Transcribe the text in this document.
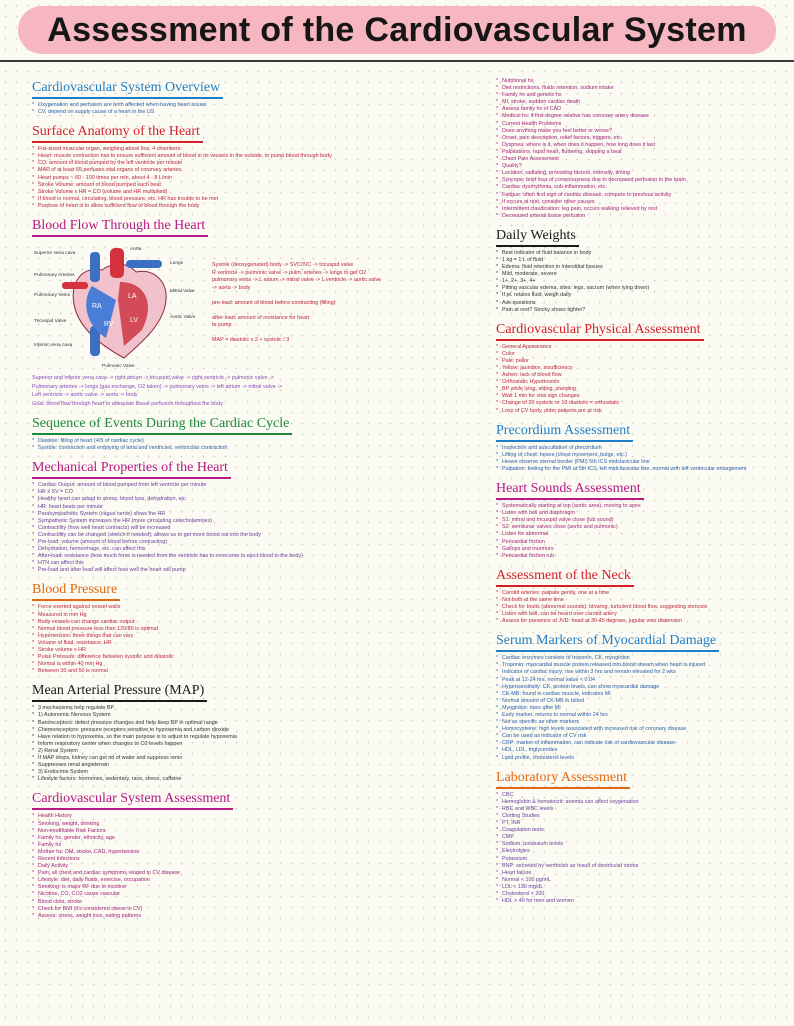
Assessment of the Cardiovascular System
Cardiovascular System Overview
* Oxygenation and perfusion are both affected when having heart issues
* CV, depend on supply cause of a heart in the US
Surface Anatomy of the Heart
* Fist-sized muscular organ, weighing about 9oz, 4 chambers
* Heart: muscle contraction has to ensure sufficient amount of blood in its vessels in the outside, to pump blood through body
* CO: amount of blood pumped by the left ventricle per minute
* MAP of at least 65 perfuses vital organs of coronary arteries
* Heart pumps ~ 60 - 100 times per min, about 4 - 8 L/min
* Stroke Volume: amount of blood pumped each beat
* Stroke Volume x HR = CO (volume and HR multiplied)
* If blood is normal, circulating, blood pressure, etc. HR has trouble to be met
* Purpose of heart is to allow sufficient flow of blood through the body
Blood Flow Through the Heart
RA
RV
LA
LV
Superior vena cava
Aorta
Lungs
Pulmonary Arteries
Pulmonary Veins
Mitral Valve
Tricuspid Valve
Aortic Valve
Inferior vena cava
Pulmonic Valve
Systole (deoxygenated) body -> SVC/IVC -> tricuspid valve
R ventricle -> pulmonic valve -> pulm. arteries -> lungs to get O2
pulmonary veins -> L atrium -> mitral valve -> L ventricle -> aortic valve
-> aorta -> body

pre-load: amount of blood before contracting (filling)

after-load: amount of resistance for heart
to pump

MAP = diastolic x 2 + systolic / 3
Superior and inferior vena cava -> right atrium -> tricuspid valve -> right ventricle -> pulmonic valve ->
Pulmonary arteries -> lungs (gas exchange, O2 taken) -> pulmonary veins -> left atrium -> mitral valve ->
Left ventricle -> aortic valve -> aorta -> body
Goal: blood flow through heart to adequate tissue perfusion throughout the body
Sequence of Events During the Cardiac Cycle
* Diastole: filling of heart (4/5 of cardiac cycle)
* Systole: contraction and emptying of atria and ventricles, ventricular contraction
Mechanical Properties of the Heart
* Cardiac Output: amount of blood pumped from left ventricle per minute
* HR x SV = CO
* Healthy heart can adapt to stress, blood loss, dehydration, etc.
* HR: heart beats per minute
* Parasympathetic System (vagus nerve) slows the HR
* Sympathetic System increases the HR (more circulating catecholamines)
* Contractility (how well heart contracts) will be increased
* Contractility can be changed (stretch if needed); allows us to get more blood out into the body
* Pre-load: volume (amount of blood before contracting)
* Dehydration, hemorrhage, etc. can affect this
* After-load: resistance (how much force is needed from the ventricle has to overcome to eject blood to the body)
* HTN can affect this
* Pre-load and after-load will affect how well the heart will pump
Blood Pressure
* Force exerted against vessel walls
* Measured in mm Hg
* Body vessels can change cardiac output
* Normal blood pressure less than 120/80 is optimal
* Hypertension: three things that can vary
* Volume of fluid, resistance, HR
* Stroke volume x HR
* Pulse Pressure: difference between systolic and diastolic
* Normal is within 40 mm Hg
* Between 30 and 50 is normal
Mean Arterial Pressure (MAP)
* 3 mechanisms help regulate BP
* 1) Autonomic Nervous System
* Baroreceptors: detect pressure changes and help keep BP in optimal range
* Chemoreceptors: pressure receptors sensitive to hypoxemia and carbon dioxide
* Have relation to hypoxemia, so the main purpose is to adjust to regulate hypoxemia
* Inform respiratory center when changes to O2 levels happen
* 2) Renal System
* If MAP drops, kidney can get rid of water and suppress renin
* Suppresses renal angiotensin
* 3) Endocrine System
* Lifestyle factors: hormones, sedentary, race, stress, caffeine
Cardiovascular System Assessment
* Health History
* Smoking, weight, drinking
* Non-modifiable Risk Factors
* Family hx, gender, ethnicity, age
* Family hx
* Mother hx: DM, stroke, CAD, hypertension
* Recent Infections
* Daily Activity
* Pain: all chest and cardiac symptoms related to CV disease
* Lifestyle: diet, daily fluids, exercise, occupation
* Smoking: is major RF due to nicotine
* Nicotine, CO, CO2 cause vascular
* Blood clots, stroke
* Check for BMI (it's considered obese in CV)
* Assess: stress, weight loss, eating patterns
* Nutritional hx
* Diet restrictions, fluids retention, sodium intake
* Family hx and genetic hx
* MI, stroke, sudden cardiac death
* Assess family hx of CAD
* Medical hx: if first degree relative has coronary artery disease
* Current Health Problems
* Does anything make you feel better or worse?
* Onset, pain description, relief factors, triggers, etc.
* Dyspnea: where is it, when does it happen, how long does it last
* Palpitations: rapid heart, fluttering, skipping a beat
* Chest Pain Assessment
* Quality?
* Location, radiating, provoking factors, intensity, timing
* Syncope: brief loss of consciousness due to decreased perfusion to the brain
* Cardiac dysrhythmia, sub-inflammation, etc.
* Fatigue: often first sign of cardiac disease, compare to previous activity
* If occurs at rest, consider other causes
* Intermittent claudication: leg pain, occurs walking relieved by rest
* Decreased arterial tissue perfusion
Daily Weights
* Best indicator of fluid balance in body
* 1 kg = 1 L of fluid
* Edema: fluid retention in interstitial tissues
* Mild, moderate, severe
* 1+, 2+, 3+, 4+
* Pitting vascular edema, sites: legs, sacrum (when lying down)
* If pt. retains fluid, weigh daily
* Ask questions
* Pain at rest? Stocky shoes tighter?
Cardiovascular Physical Assessment
* General Appearance
* Color
* Pale: pallor
* Yellow: jaundice, insufficiency
* Ashen: lack of blood flow
* Orthostatic Hypotension
* BP while lying, sitting, standing
* Wait 1 min for vital sign changes
* Change of 20 systolic or 10 diastolic = orthostatic
* Loss of CV body, older patients are at risk
Precordium Assessment
* Inspection and auscultation of precordium
* Lifting of chest: heave (chest movement, bulge, etc.)
* Heave observe sternal border (PMI) 5th ICS midclavicular line
* Palpation: feeling for the PMI at 5th ICS, left midclavicular line, normal with left ventricular enlargement
Heart Sounds Assessment
* Systematically starting at top (aortic area), moving to apex
* Listen with bell and diaphragm
* S1: mitral and tricuspid valve close (lub sound)
* S2: semilunar valves close (aortic and pulmonic)
* Listen for abnormal
* Pericardial friction
* Gallops and murmurs
* Pericardial friction rub
Assessment of the Neck
* Carotid arteries: palpate gently, one at a time
* Not both at the same time
* Check for bruits (abnormal sounds): blowing, turbulent blood flow, suggesting stenosis
* Listen with bell, can be heard over carotid artery
* Assess for presence of JVD: head at 30-45 degrees, jugular vein distension
Serum Markers of Myocardial Damage
* Cardiac enzymes consists of troponin, CK, myoglobin
* Troponin: myocardial muscle protein released into blood stream when heart is injured
* Indicator of cardiac injury; rise within 3 hrs and remain elevated for 2 wks
* Peak at 12-24 hrs, normal value < 0.04
* Hypersensitivity: CK, protein levels, can show myocardial damage
* CK-MB: found in cardiac muscle, indicates MI
* Normal amount of CK-MB in blood
* Myoglobin: rises after MI
* Early marker, returns to normal within 24 hrs
* Not as specific as other markers
* Homocysteine: high levels associated with increased risk of coronary disease
* Can be used as indicator of CV risk
* CRP: marker of inflammation, can indicate risk of cardiovascular disease
* HDL, LDL, triglycerides
* Lipid profile, cholesterol levels
Laboratory Assessment
* CBC
* Hemoglobin & hematocrit: anemia can affect oxygenation
* RBC and WBC levels
* Clotting Studies
* PT, INR
* Coagulation tests
* CMP
* Sodium, potassium levels
* Electrolytes
* Potassium
* BNP: secreted by ventricles as result of ventricular stress
* Heart failure
* Normal < 100 pg/mL
* LDL < 130 mg/dL
* Cholesterol < 200
* HDL > 40 for men and women
